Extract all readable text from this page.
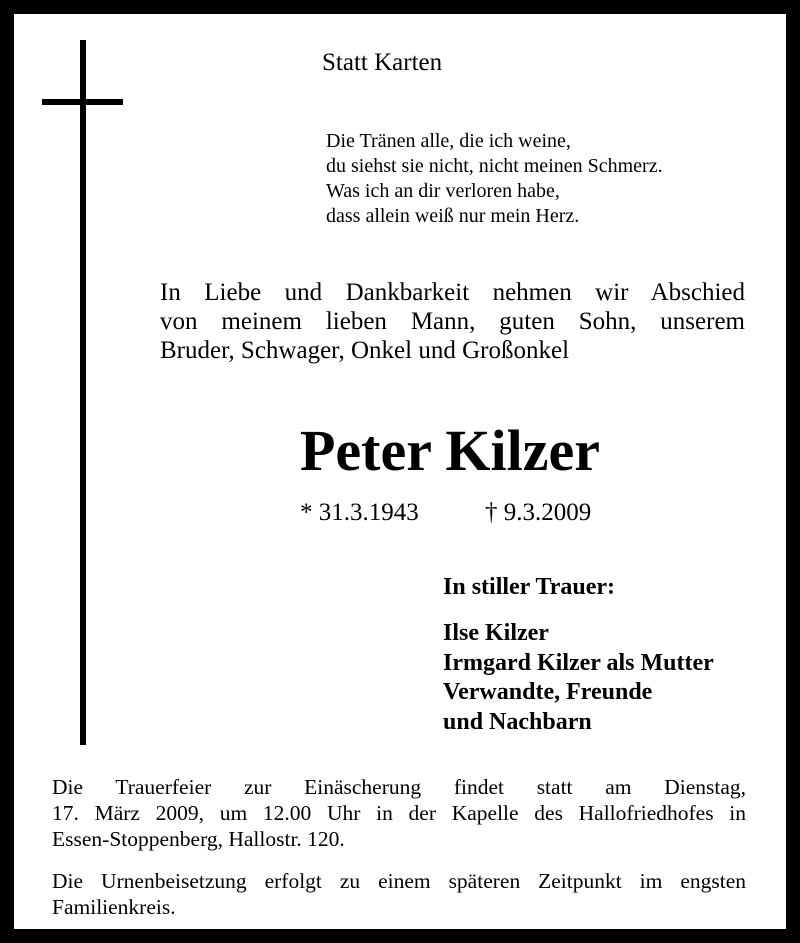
Statt Karten
Die Tränen alle, die ich weine,
du siehst sie nicht, nicht meinen Schmerz.
Was ich an dir verloren habe,
dass allein weiß nur mein Herz.
In Liebe und Dankbarkeit nehmen wir Abschied
von meinem lieben Mann, guten Sohn, unserem
Bruder, Schwager, Onkel und Großonkel
Peter Kilzer
* 31.3.1943	† 9.3.2009
In stiller Trauer:
Ilse Kilzer
Irmgard Kilzer als Mutter
Verwandte, Freunde
und Nachbarn
Die Trauerfeier zur Einäscherung findet statt am Dienstag,
17. März 2009, um 12.00 Uhr in der Kapelle des Hallofriedhofes in
Essen-Stoppenberg, Hallostr. 120.
Die Urnenbeisetzung erfolgt zu einem späteren Zeitpunkt im engsten
Familienkreis.
